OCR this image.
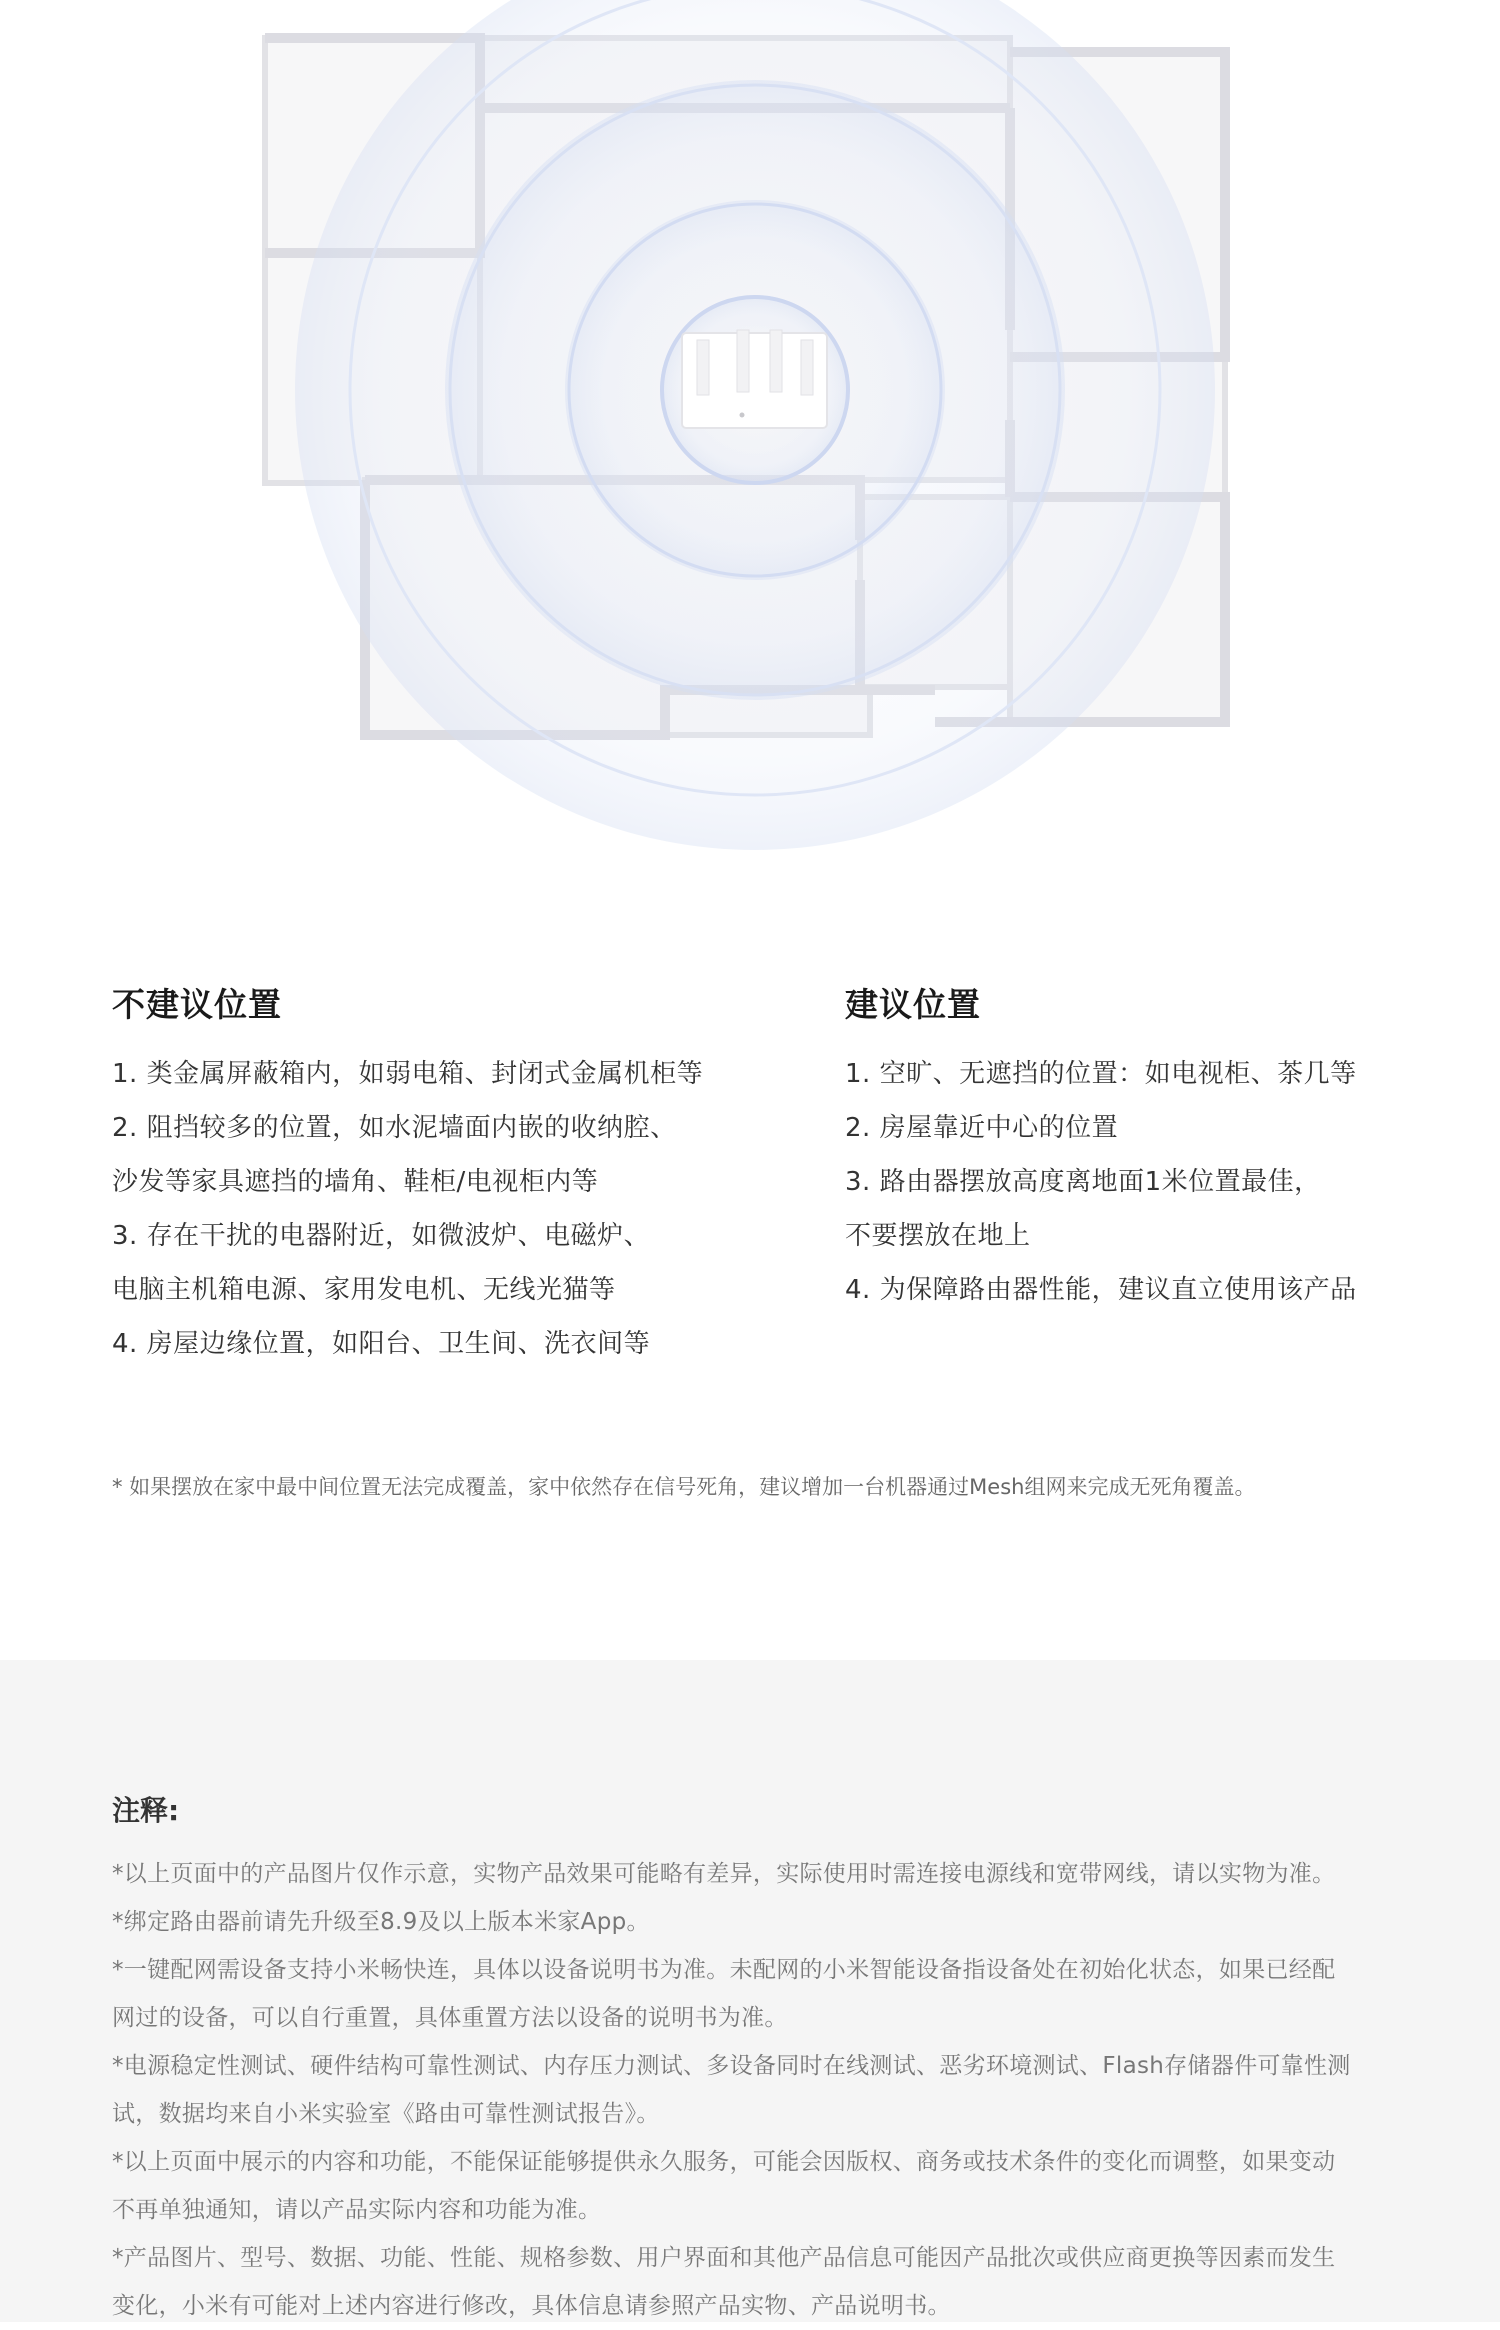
不建议位置
1. 类金属屏蔽箱内，如弱电箱、封闭式金属机柜等
2. 阻挡较多的位置，如水泥墙面内嵌的收纳腔、
沙发等家具遮挡的墙角、鞋柜/电视柜内等
3. 存在干扰的电器附近，如微波炉、电磁炉、
电脑主机箱电源、家用发电机、无线光猫等
4. 房屋边缘位置，如阳台、卫生间、洗衣间等
建议位置
1. 空旷、无遮挡的位置：如电视柜、茶几等
2. 房屋靠近中心的位置
3. 路由器摆放高度离地面1米位置最佳，
不要摆放在地上
4. 为保障路由器性能，建议直立使用该产品
* 如果摆放在家中最中间位置无法完成覆盖，家中依然存在信号死角，建议增加一台机器通过Mesh组网来完成无死角覆盖。
注释:

*以上页面中的产品图片仅作示意，实物产品效果可能略有差异，实际使用时需连接电源线和宽带网线，请以实物为准。

*绑定路由器前请先升级至8.9及以上版本米家App。

*一键配网需设备支持小米畅快连，具体以设备说明书为准。未配网的小米智能设备指设备处在初始化状态，如果已经配

网过的设备，可以自行重置，具体重置方法以设备的说明书为准。

*电源稳定性测试、硬件结构可靠性测试、内存压力测试、多设备同时在线测试、恶劣环境测试、Flash存储器件可靠性测

试，数据均来自小米实验室《路由可靠性测试报告》。

*以上页面中展示的内容和功能，不能保证能够提供永久服务，可能会因版权、商务或技术条件的变化而调整，如果变动

不再单独通知，请以产品实际内容和功能为准。

*产品图片、型号、数据、功能、性能、规格参数、用户界面和其他产品信息可能因产品批次或供应商更换等因素而发生

变化，小米有可能对上述内容进行修改，具体信息请参照产品实物、产品说明书。
